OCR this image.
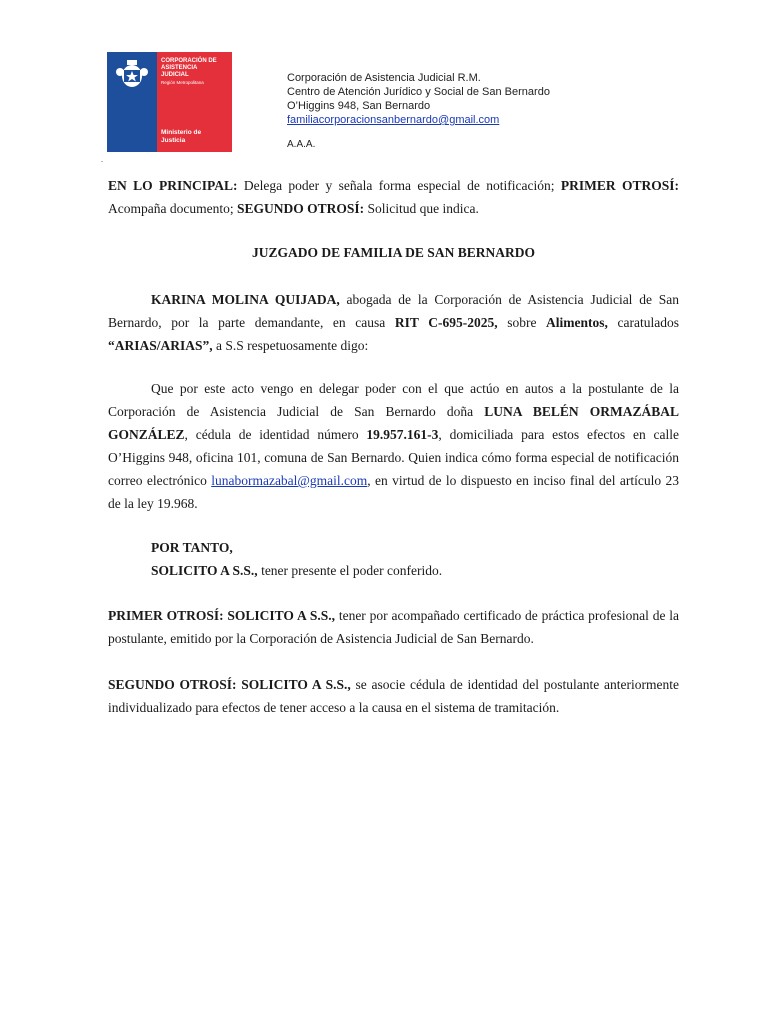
CORPORACIÓN DE
ASISTENCIA
JUDICIAL
Región Metropolitana
Ministerio de
Justicia
Corporación de Asistencia Judicial R.M.
Centro de Atención Jurídico y Social de San Bernardo
O’Higgins 948, San Bernardo
familiacorporacionsanbernardo@gmail.com
A.A.A.
.
EN LO PRINCIPAL: Delega poder y señala forma especial de notificación; PRIMER OTROSÍ: Acompaña documento; SEGUNDO OTROSÍ: Solicitud que indica.
JUZGADO DE FAMILIA DE SAN BERNARDO
KARINA MOLINA QUIJADA, abogada de la Corporación de Asistencia Judicial de San Bernardo, por la parte demandante, en causa RIT C-695-2025, sobre Alimentos, caratulados “ARIAS/ARIAS”, a S.S respetuosamente digo:
Que por este acto vengo en delegar poder con el que actúo en autos a la postulante de la Corporación de Asistencia Judicial de San Bernardo doña LUNA BELÉN ORMAZÁBAL GONZÁLEZ, cédula de identidad número 19.957.161-3, domiciliada para estos efectos en calle O’Higgins 948, oficina 101, comuna de San Bernardo. Quien indica cómo forma especial de notificación correo electrónico lunabormazabal@gmail.com, en virtud de lo dispuesto en inciso final del artículo 23 de la ley 19.968.
POR TANTO,
SOLICITO A S.S., tener presente el poder conferido.
PRIMER OTROSÍ: SOLICITO A S.S., tener por acompañado certificado de práctica profesional de la postulante, emitido por la Corporación de Asistencia Judicial de San Bernardo.
SEGUNDO OTROSÍ: SOLICITO A S.S., se asocie cédula de identidad del postulante anteriormente individualizado para efectos de tener acceso a la causa en el sistema de tramitación.
